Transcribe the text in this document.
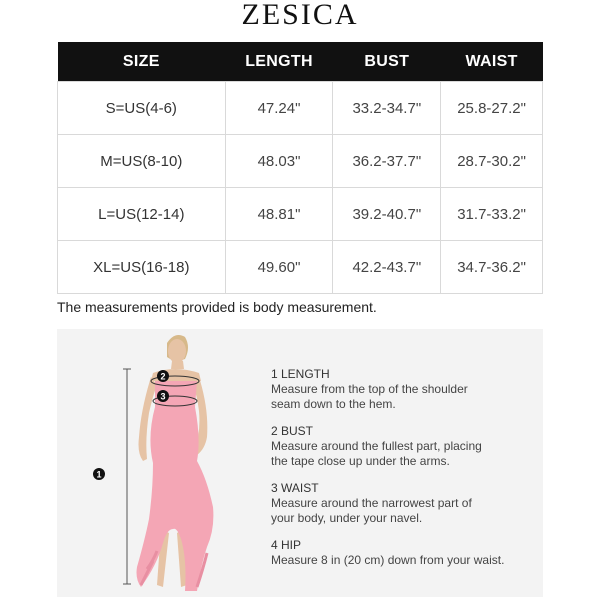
ZESICA
SIZE	LENGTH	BUST	WAIST
S=US(4-6)	47.24"	33.2-34.7"	25.8-27.2"
M=US(8-10)	48.03"	36.2-37.7"	28.7-30.2"
L=US(12-14)	48.81"	39.2-40.7"	31.7-33.2"
XL=US(16-18)	49.60"	42.2-43.7"	34.7-36.2"
The measurements provided is body measurement.
1
2
3
1 LENGTH
Measure from the top of the shoulder
seam down to the hem.
2 BUST
Measure around the fullest part, placing
the tape close up under the arms.
3 WAIST
Measure around the narrowest part of
your body, under your navel.
4 HIP
Measure 8 in (20 cm) down from your waist.
